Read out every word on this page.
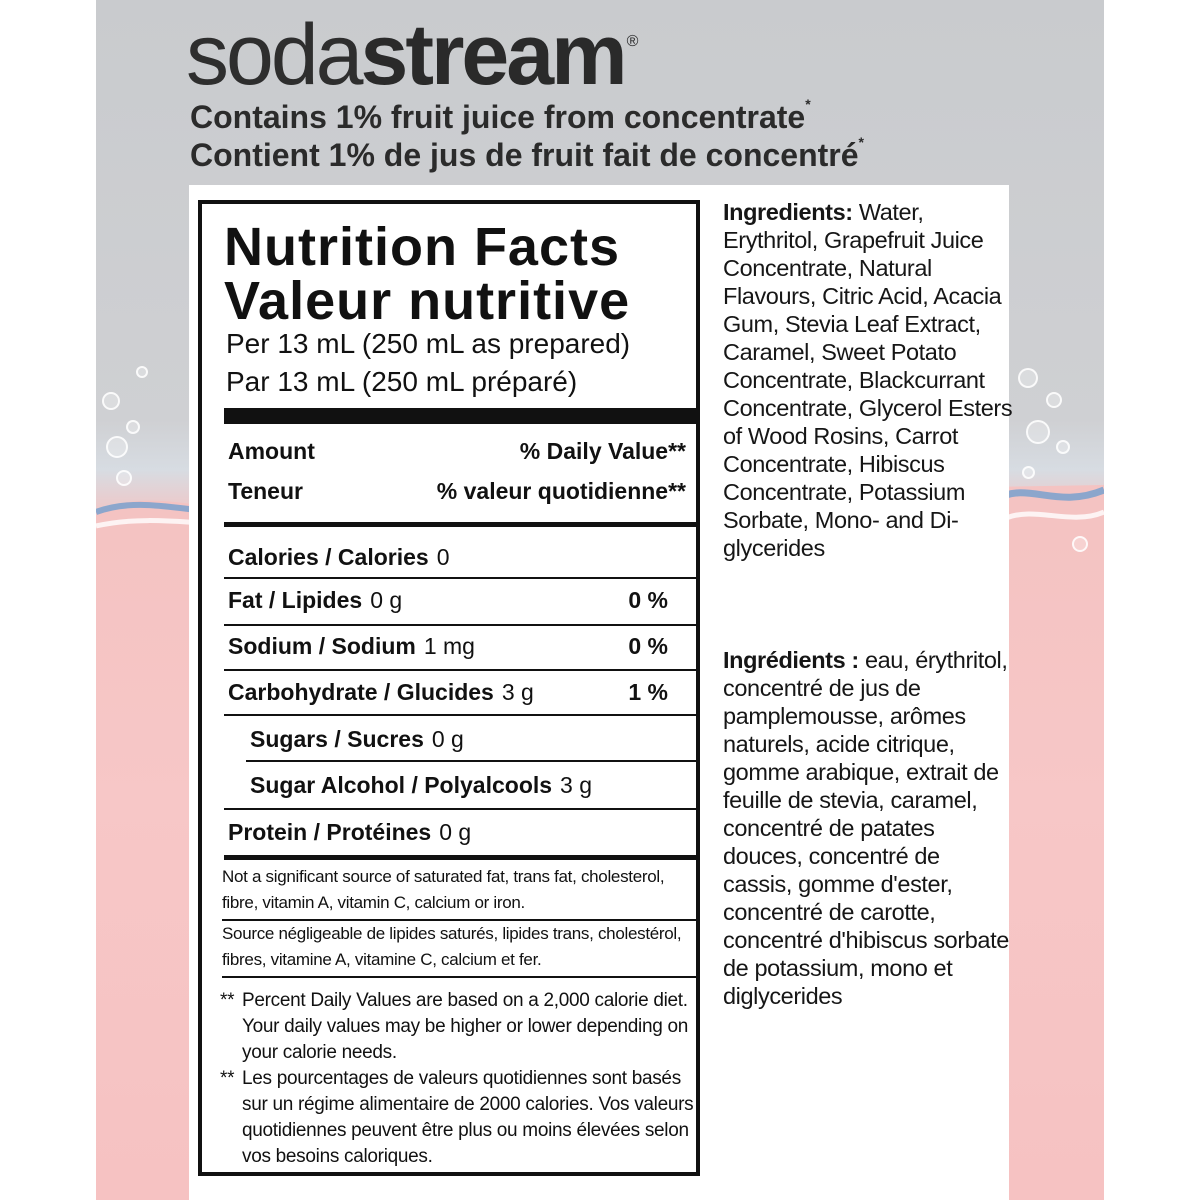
sodastream ®
Contains 1% fruit juice from concentrate*
Contient 1% de jus de fruit fait de concentré*
Nutrition Facts
Valeur nutritive
Per 13 mL (250 mL as prepared)
Par 13 mL (250 mL préparé)
Amount	% Daily Value**
Teneur	% valeur quotidienne**
Calories / Calories 0
Fat / Lipides 0 g	0 %
Sodium / Sodium 1 mg	0 %
Carbohydrate / Glucides 3 g	1 %
Sugars / Sucres 0 g
Sugar Alcohol / Polyalcools 3 g
Protein / Protéines 0 g
Not a significant source of saturated fat, trans fat, cholesterol, fibre, vitamin A, vitamin C, calcium or iron.
Source négligeable de lipides saturés, lipides trans, cholestérol, fibres, vitamine A, vitamine C, calcium et fer.
** Percent Daily Values are based on a 2,000 calorie diet. Your daily values may be higher or lower depending on your calorie needs.
** Les pourcentages de valeurs quotidiennes sont basés sur un régime alimentaire de 2000 calories. Vos valeurs quotidiennes peuvent être plus ou moins élevées selon vos besoins caloriques.
Ingredients: Water, Erythritol, Grapefruit Juice Concentrate, Natural Flavours, Citric Acid, Acacia Gum, Stevia Leaf Extract, Caramel, Sweet Potato Concentrate, Blackcurrant Concentrate, Glycerol Esters of Wood Rosins, Carrot Concentrate, Hibiscus Concentrate, Potassium Sorbate, Mono- and Di-glycerides
Ingrédients : eau, érythritol, concentré de jus de pamplemousse, arômes naturels, acide citrique, gomme arabique, extrait de feuille de stevia, caramel, concentré de patates douces, concentré de cassis, gomme d'ester, concentré de carotte, concentré d'hibiscus sorbate de potassium, mono et diglycerides
